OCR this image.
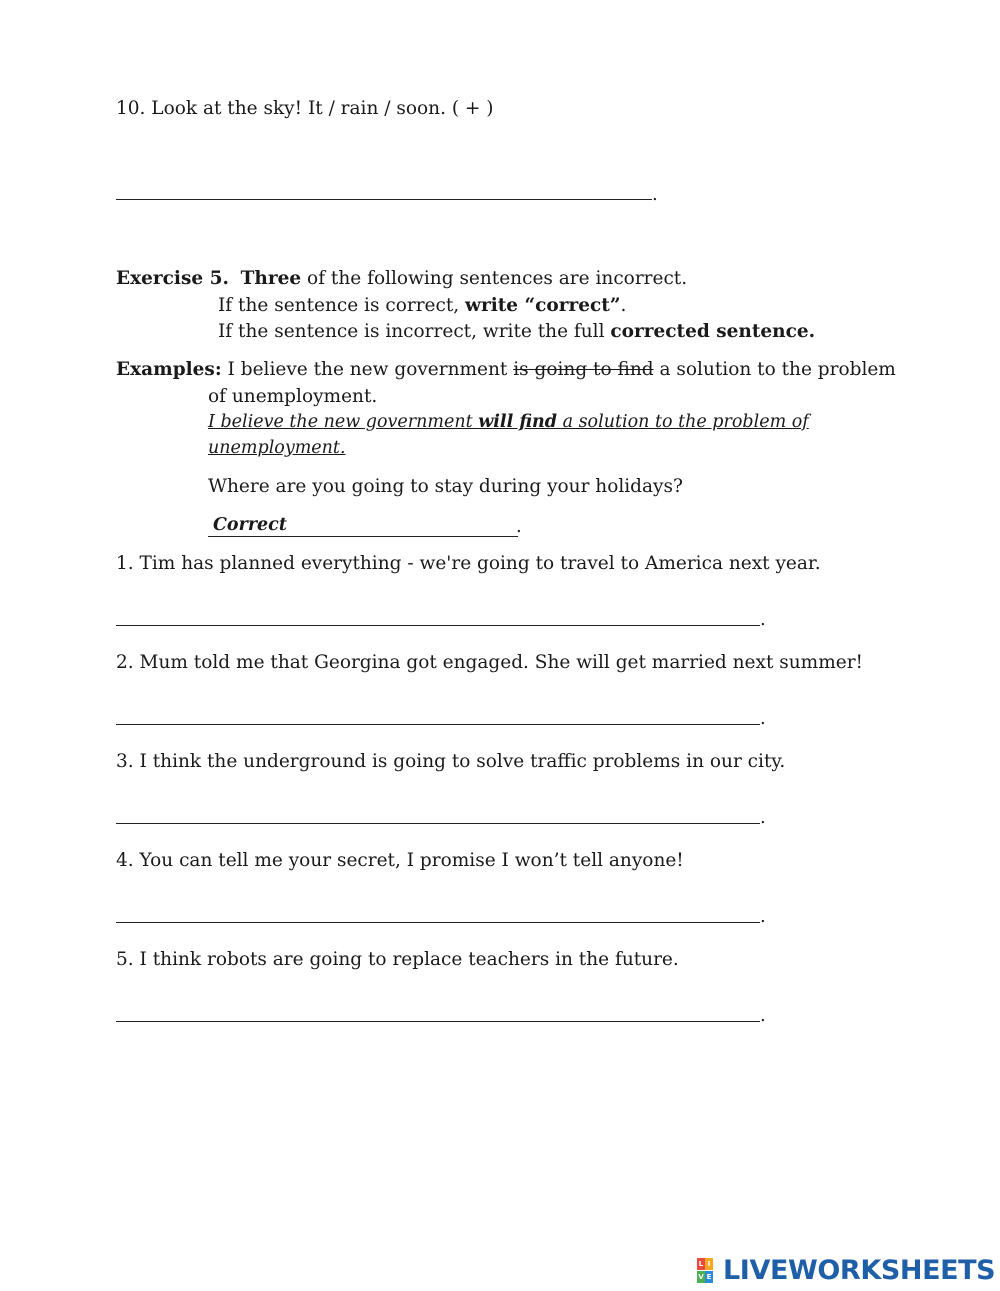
10. Look at the sky! It / rain / soon. ( + )
.
Exercise 5. Three of the following sentences are incorrect.
If the sentence is correct, write “correct”.
If the sentence is incorrect, write the full corrected sentence.
Examples: I believe the new government is going to find a solution to the problem
of unemployment.
I believe the new government will find a solution to the problem of
unemployment.
Where are you going to stay during your holidays?
Correct	.
1. Tim has planned everything - we're going to travel to America next year.
.
2. Mum told me that Georgina got engaged. She will get married next summer!
.
3. I think the underground is going to solve traffic problems in our city.
.
4. You can tell me your secret, I promise I won’t tell anyone!
.
5. I think robots are going to replace teachers in the future.
.
L I
V E LIVEWORKSHEETS
